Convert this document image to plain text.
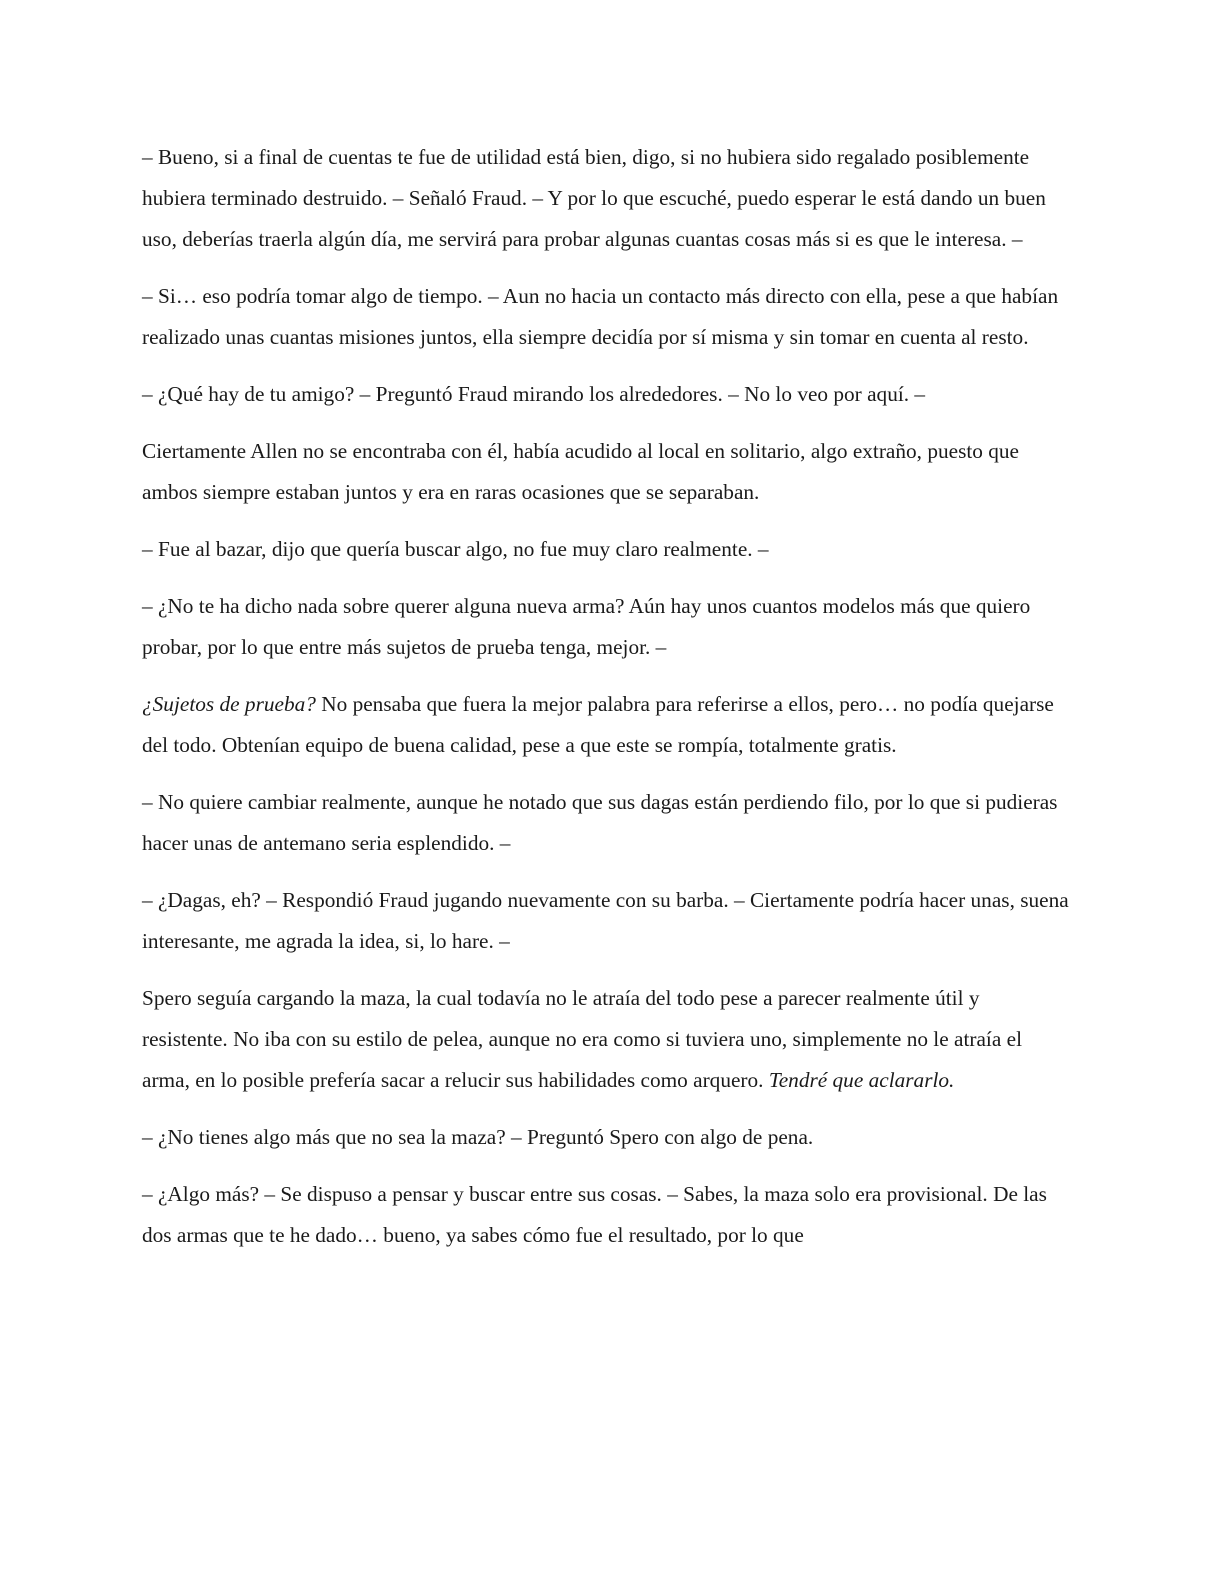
– Bueno, si a final de cuentas te fue de utilidad está bien, digo, si no hubiera sido regalado posiblemente hubiera terminado destruido. – Señaló Fraud. – Y por lo que escuché, puedo esperar le está dando un buen uso, deberías traerla algún día, me servirá para probar algunas cuantas cosas más si es que le interesa. –

– Si… eso podría tomar algo de tiempo. – Aun no hacia un contacto más directo con ella, pese a que habían realizado unas cuantas misiones juntos, ella siempre decidía por sí misma y sin tomar en cuenta al resto.

– ¿Qué hay de tu amigo? – Preguntó Fraud mirando los alrededores. – No lo veo por aquí. –

Ciertamente Allen no se encontraba con él, había acudido al local en solitario, algo extraño, puesto que ambos siempre estaban juntos y era en raras ocasiones que se separaban.

– Fue al bazar, dijo que quería buscar algo, no fue muy claro realmente. –

– ¿No te ha dicho nada sobre querer alguna nueva arma? Aún hay unos cuantos modelos más que quiero probar, por lo que entre más sujetos de prueba tenga, mejor. –

¿Sujetos de prueba? No pensaba que fuera la mejor palabra para referirse a ellos, pero… no podía quejarse del todo. Obtenían equipo de buena calidad, pese a que este se rompía, totalmente gratis.

– No quiere cambiar realmente, aunque he notado que sus dagas están perdiendo filo, por lo que si pudieras hacer unas de antemano seria esplendido. –

– ¿Dagas, eh? – Respondió Fraud jugando nuevamente con su barba. – Ciertamente podría hacer unas, suena interesante, me agrada la idea, si, lo hare. –

Spero seguía cargando la maza, la cual todavía no le atraía del todo pese a parecer realmente útil y resistente. No iba con su estilo de pelea, aunque no era como si tuviera uno, simplemente no le atraía el arma, en lo posible prefería sacar a relucir sus habilidades como arquero. Tendré que aclararlo.

– ¿No tienes algo más que no sea la maza? – Preguntó Spero con algo de pena.

– ¿Algo más? – Se dispuso a pensar y buscar entre sus cosas. – Sabes, la maza solo era provisional. De las dos armas que te he dado… bueno, ya sabes cómo fue el resultado, por lo que
